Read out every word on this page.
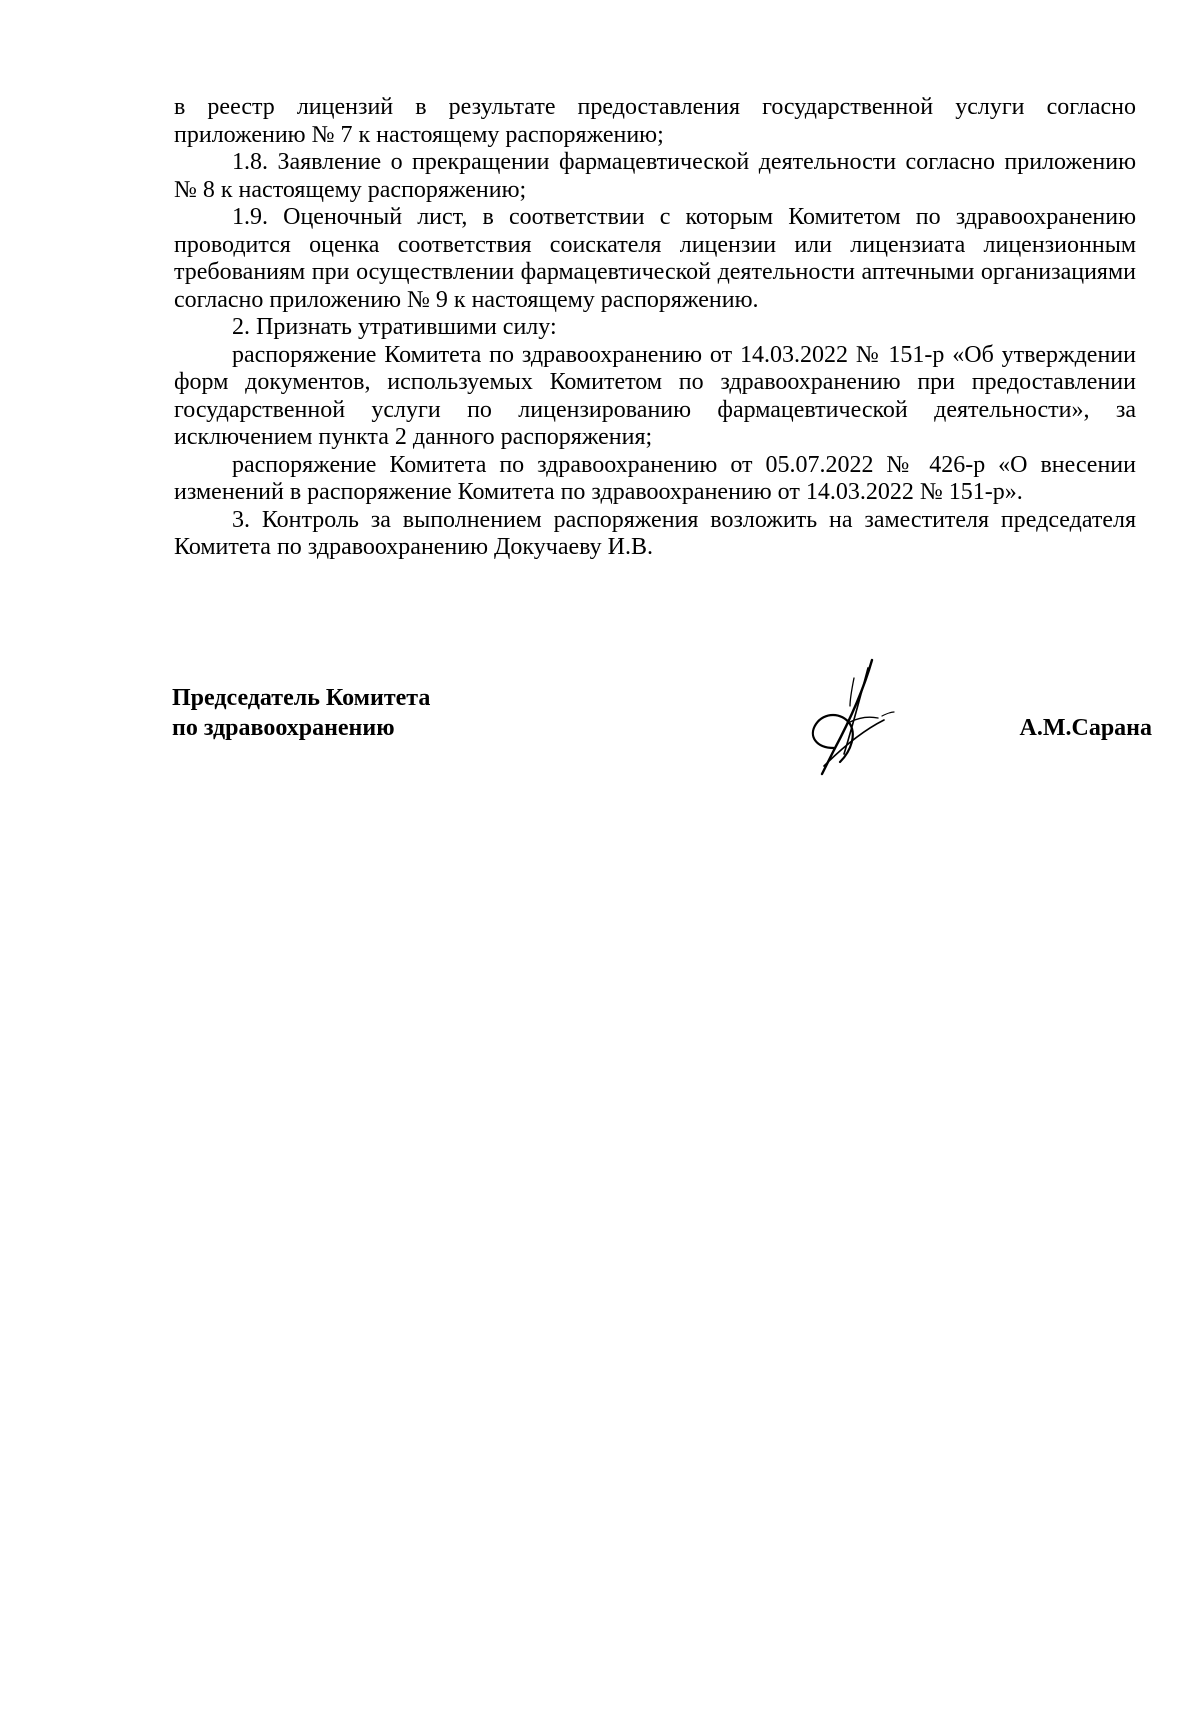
в реестр лицензий в результате предоставления государственной услуги согласно приложению № 7 к настоящему распоряжению;

1.8. Заявление о прекращении фармацевтической деятельности согласно приложению № 8 к настоящему распоряжению;

1.9. Оценочный лист, в соответствии с которым Комитетом по здравоохранению проводится оценка соответствия соискателя лицензии или лицензиата лицензионным требованиям при осуществлении фармацевтической деятельности аптечными организациями согласно приложению № 9 к настоящему распоряжению.

2. Признать утратившими силу:

распоряжение Комитета по здравоохранению от 14.03.2022 № 151-р «Об утверждении форм документов, используемых Комитетом по здравоохранению при предоставлении государственной услуги по лицензированию фармацевтической деятельности», за исключением пункта 2 данного распоряжения;

распоряжение Комитета по здравоохранению от 05.07.2022 № 426-р «О внесении изменений в распоряжение Комитета по здравоохранению от 14.03.2022 № 151-р».

3. Контроль за выполнением распоряжения возложить на заместителя председателя Комитета по здравоохранению Докучаеву И.В.

Председатель Комитета
по здравоохранению	А.М.Сарана
